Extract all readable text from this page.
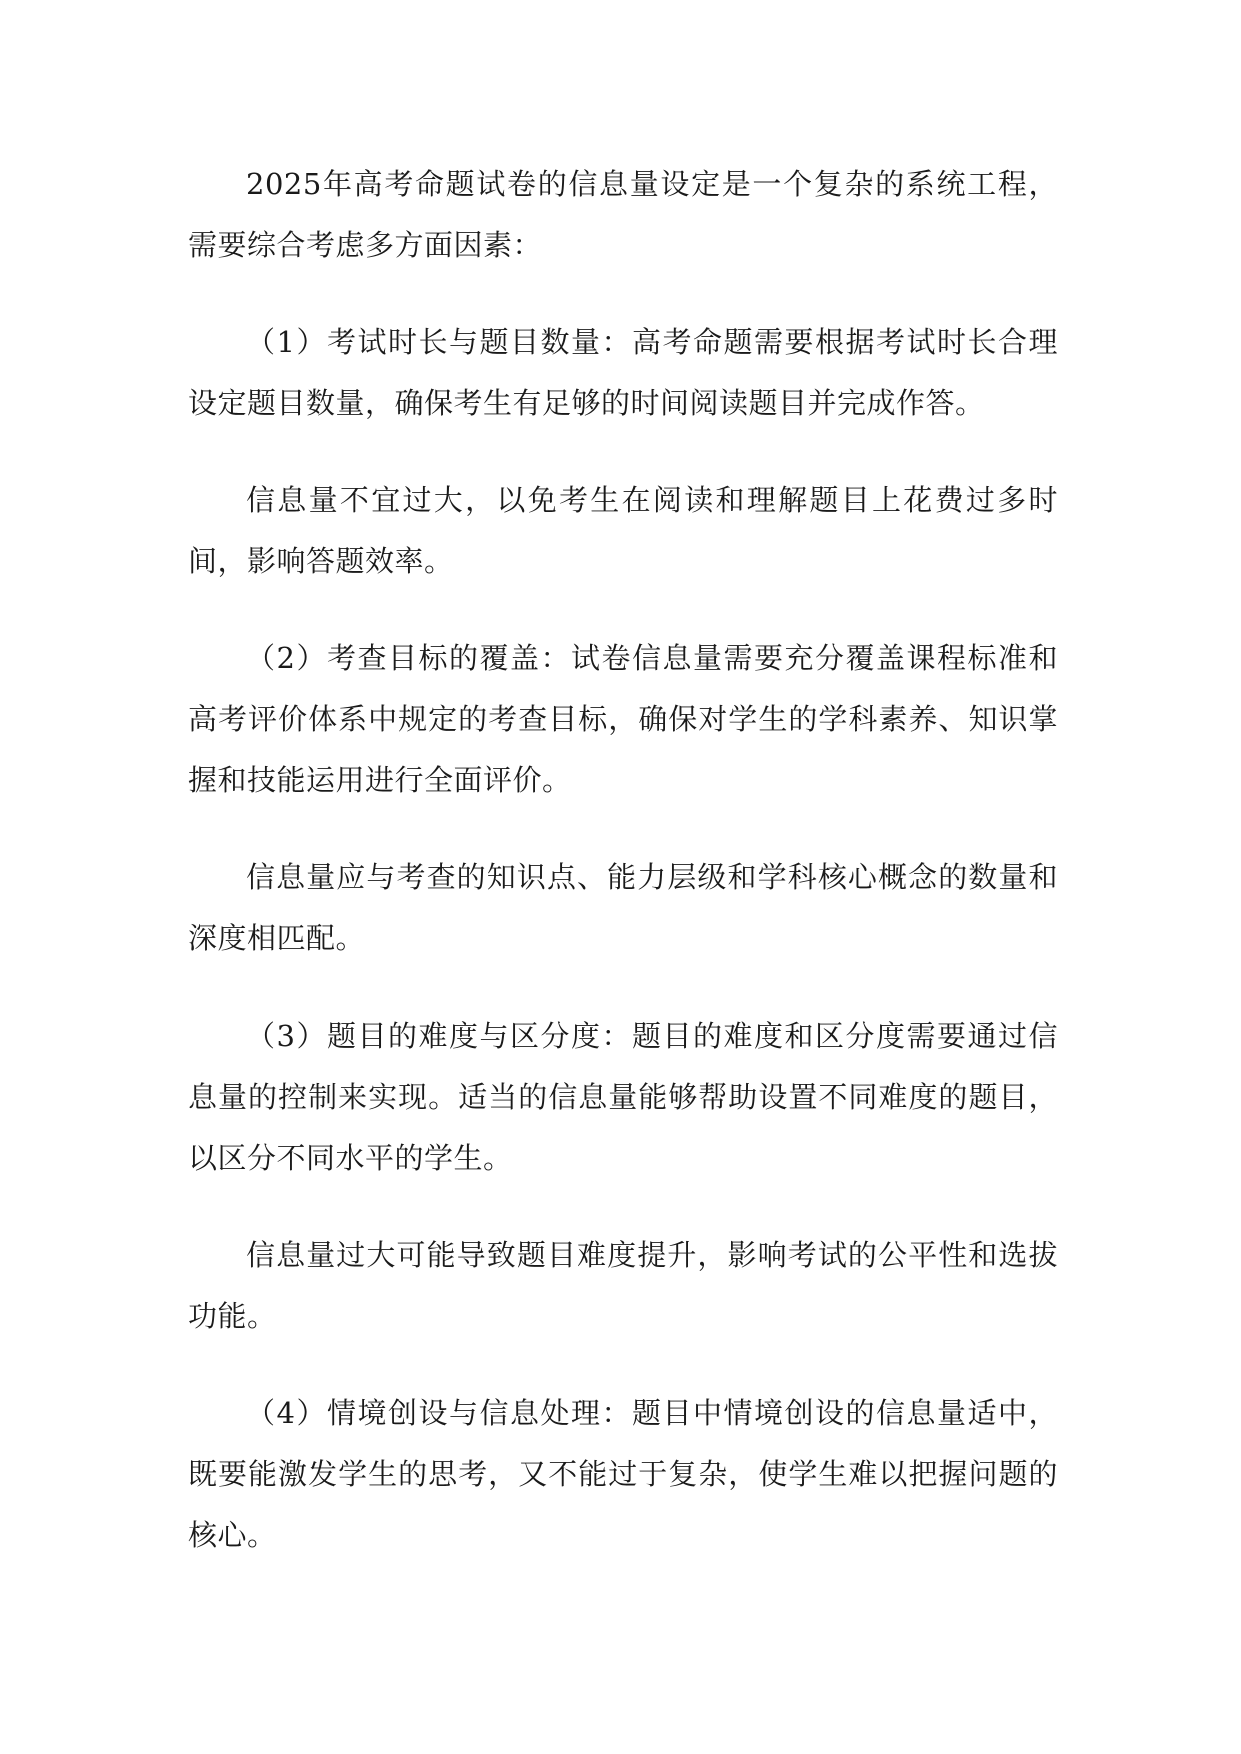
2025年高考命题试卷的信息量设定是一个复杂的系统工程，需要综合考虑多方面因素：

（1）考试时长与题目数量：高考命题需要根据考试时长合理设定题目数量，确保考生有足够的时间阅读题目并完成作答。

信息量不宜过大，以免考生在阅读和理解题目上花费过多时间，影响答题效率。

（2）考查目标的覆盖：试卷信息量需要充分覆盖课程标准和高考评价体系中规定的考查目标，确保对学生的学科素养、知识掌握和技能运用进行全面评价。

信息量应与考查的知识点、能力层级和学科核心概念的数量和深度相匹配。

（3）题目的难度与区分度：题目的难度和区分度需要通过信息量的控制来实现。适当的信息量能够帮助设置不同难度的题目，以区分不同水平的学生。

信息量过大可能导致题目难度提升，影响考试的公平性和选拔功能。

（4）情境创设与信息处理：题目中情境创设的信息量适中，既要能激发学生的思考，又不能过于复杂，使学生难以把握问题的核心。
